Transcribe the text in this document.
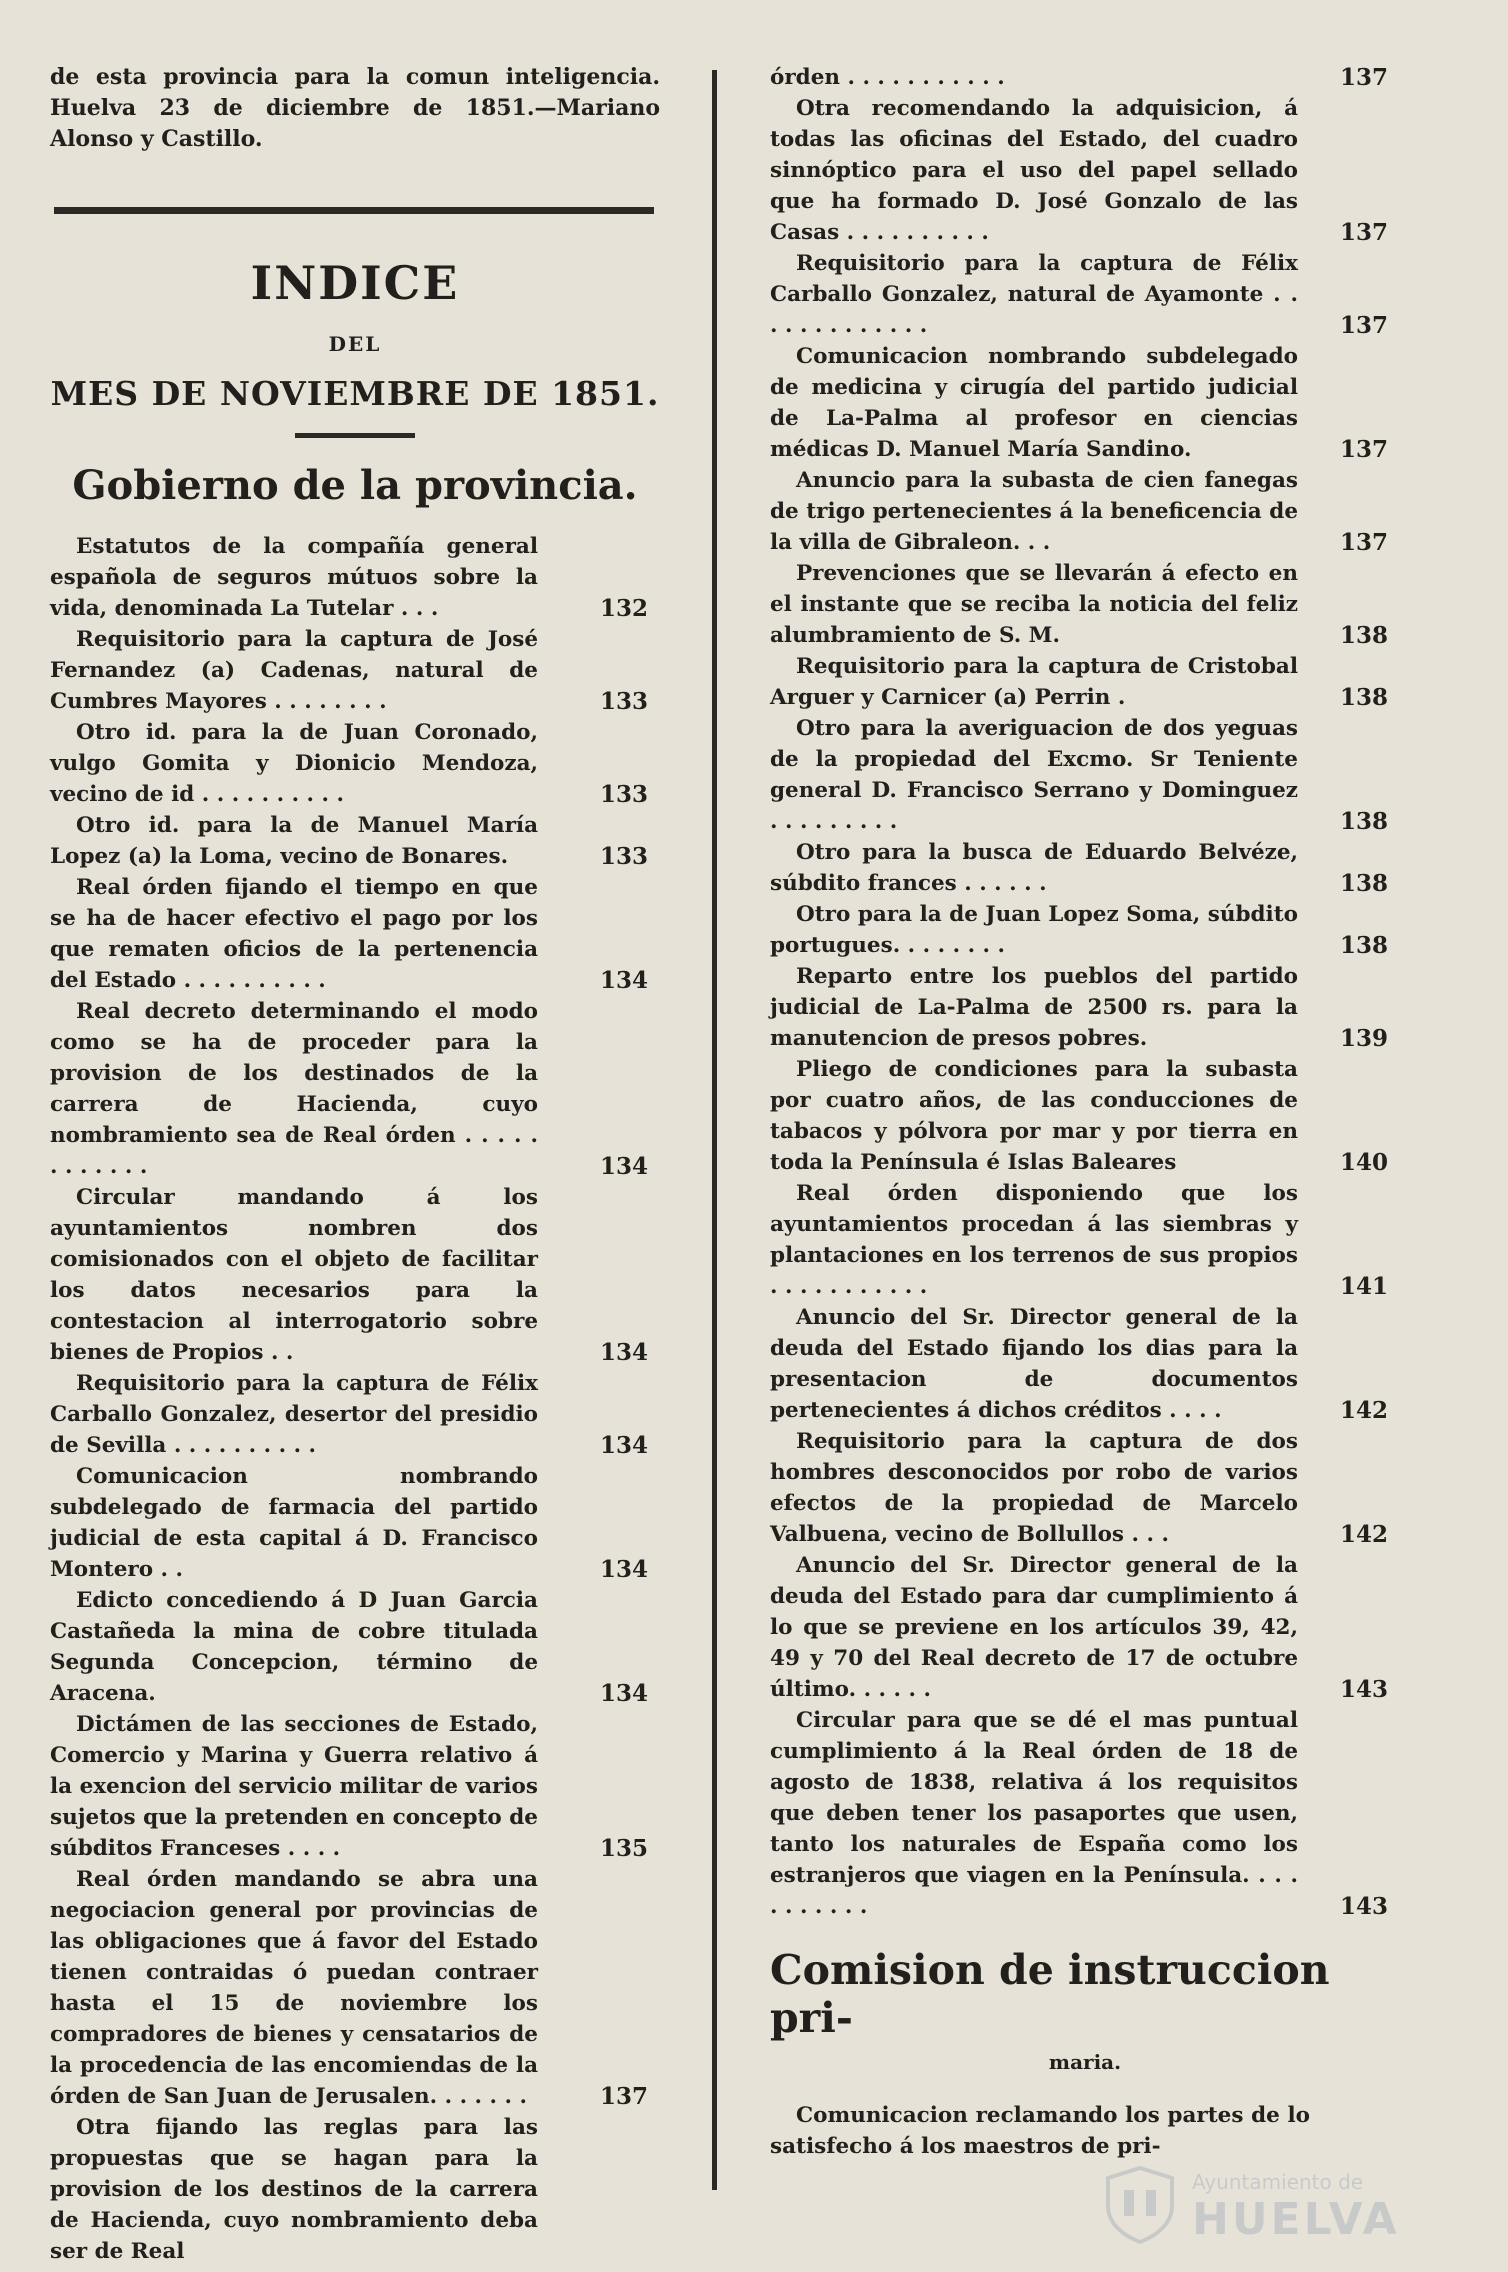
de esta provincia para la comun inteligencia. Huelva 23 de diciembre de 1851.—Mariano Alonso y Castillo.
INDICE
DEL
MES DE NOVIEMBRE DE 1851.
Gobierno de la provincia.
Estatutos de la compañía general española de seguros mútuos sobre la vida, denominada La Tutelar . . .	132
Requisitorio para la captura de José Fernandez (a) Cadenas, natural de Cumbres Mayores . . . . . . . .	133
Otro id. para la de Juan Coronado, vulgo Gomita y Dionicio Mendoza, vecino de id . . . . . . . . . .	133
Otro id. para la de Manuel María Lopez (a) la Loma, vecino de Bonares.	133
Real órden fijando el tiempo en que se ha de hacer efectivo el pago por los que rematen oficios de la pertenencia del Estado . . . . . . . . . .	134
Real decreto determinando el modo como se ha de proceder para la provision de los destinados de la carrera de Hacienda, cuyo nombramiento sea de Real órden . . . . . . . . . . . .	134
Circular mandando á los ayuntamientos nombren dos comisionados con el objeto de facilitar los datos necesarios para la contestacion al interrogatorio sobre bienes de Propios . .	134
Requisitorio para la captura de Félix Carballo Gonzalez, desertor del presidio de Sevilla . . . . . . . . . .	134
Comunicacion nombrando subdelegado de farmacia del partido judicial de esta capital á D. Francisco Montero . .	134
Edicto concediendo á D Juan Garcia Castañeda la mina de cobre titulada Segunda Concepcion, término de Aracena.	134
Dictámen de las secciones de Estado, Comercio y Marina y Guerra relativo á la exencion del servicio militar de varios sujetos que la pretenden en concepto de súbditos Franceses . . . .	135
Real órden mandando se abra una negociacion general por provincias de las obligaciones que á favor del Estado tienen contraidas ó puedan contraer hasta el 15 de noviembre los compradores de bienes y censatarios de la procedencia de las encomiendas de la órden de San Juan de Jerusalen. . . . . . .	137
Otra fijando las reglas para las propuestas que se hagan para la provision de los destinos de la carrera de Hacienda, cuyo nombramiento deba ser de Real
órden . . . . . . . . . . .	137
Otra recomendando la adquisicion, á todas las oficinas del Estado, del cuadro sinnóptico para el uso del papel sellado que ha formado D. José Gonzalo de las Casas . . . . . . . . . .	137
Requisitorio para la captura de Félix Carballo Gonzalez, natural de Ayamonte . . . . . . . . . . . . .	137
Comunicacion nombrando subdelegado de medicina y cirugía del partido judicial de La-Palma al profesor en ciencias médicas D. Manuel María Sandino.	137
Anuncio para la subasta de cien fanegas de trigo pertenecientes á la beneficencia de la villa de Gibraleon. . .	137
Prevenciones que se llevarán á efecto en el instante que se reciba la noticia del feliz alumbramiento de S. M.	138
Requisitorio para la captura de Cristobal Arguer y Carnicer (a) Perrin .	138
Otro para la averiguacion de dos yeguas de la propiedad del Excmo. Sr Teniente general D. Francisco Serrano y Dominguez . . . . . . . . .	138
Otro para la busca de Eduardo Belvéze, súbdito frances . . . . . .	138
Otro para la de Juan Lopez Soma, súbdito portugues. . . . . . . .	138
Reparto entre los pueblos del partido judicial de La-Palma de 2500 rs. para la manutencion de presos pobres.	139
Pliego de condiciones para la subasta por cuatro años, de las conducciones de tabacos y pólvora por mar y por tierra en toda la Península é Islas Baleares	140
Real órden disponiendo que los ayuntamientos procedan á las siembras y plantaciones en los terrenos de sus propios . . . . . . . . . . .	141
Anuncio del Sr. Director general de la deuda del Estado fijando los dias para la presentacion de documentos pertenecientes á dichos créditos . . . .	142
Requisitorio para la captura de dos hombres desconocidos por robo de varios efectos de la propiedad de Marcelo Valbuena, vecino de Bollullos . . .	142
Anuncio del Sr. Director general de la deuda del Estado para dar cumplimiento á lo que se previene en los artículos 39, 42, 49 y 70 del Real decreto de 17 de octubre último. . . . . .	143
Circular para que se dé el mas puntual cumplimiento á la Real órden de 18 de agosto de 1838, relativa á los requisitos que deben tener los pasaportes que usen, tanto los naturales de España como los estranjeros que viagen en la Península. . . . . . . . . . .	143
Comision de instruccion pri-
maria.
Comunicacion reclamando los partes de lo satisfecho á los maestros de pri-
Ayuntamiento de
HUELVA
